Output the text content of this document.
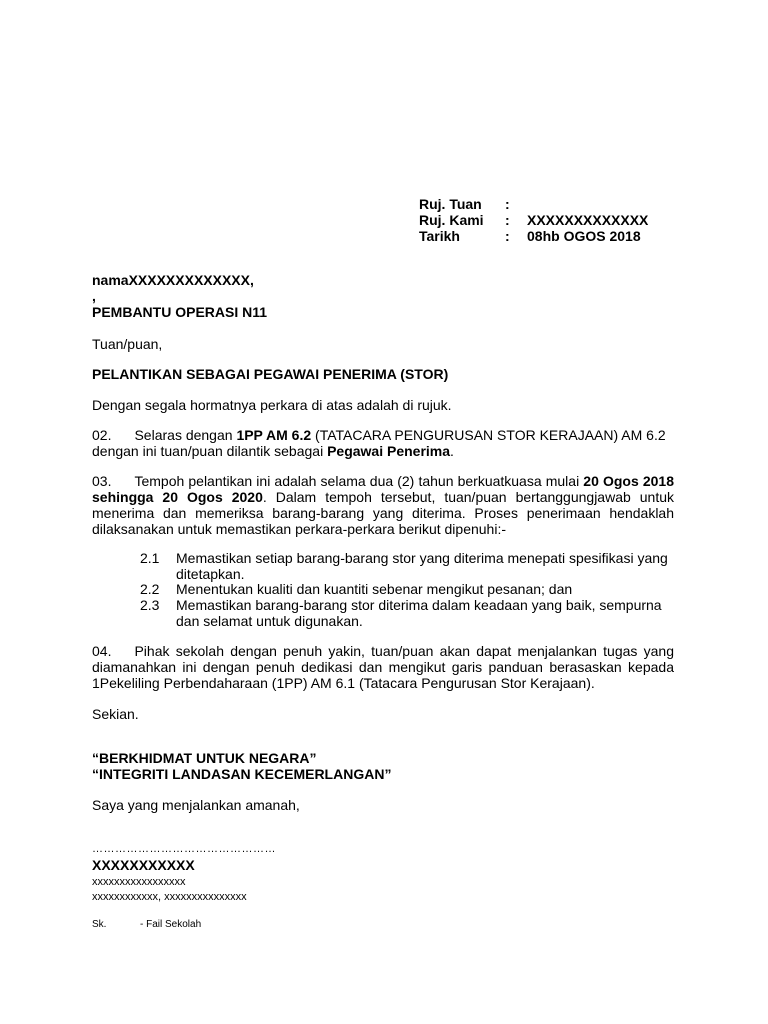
Ruj. Tuan :
Ruj. Kami : XXXXXXXXXXXXX
Tarikh	: 08hb OGOS 2018
namaXXXXXXXXXXXXX,
,
PEMBANTU OPERASI N11
Tuan/puan,
PELANTIKAN SEBAGAI PEGAWAI PENERIMA (STOR)
Dengan segala hormatnya perkara di atas adalah di rujuk.
02. Selaras dengan 1PP AM 6.2 (TATACARA PENGURUSAN STOR KERAJAAN) AM 6.2
dengan ini tuan/puan dilantik sebagai Pegawai Penerima.
03. Tempoh pelantikan ini adalah selama dua (2) tahun berkuatkuasa mulai 20 Ogos 2018
sehingga 20 Ogos 2020. Dalam tempoh tersebut, tuan/puan bertanggungjawab untuk
menerima dan memeriksa barang-barang yang diterima. Proses penerimaan hendaklah
dilaksanakan untuk memastikan perkara-perkara berikut dipenuhi:-
2.1 Memastikan setiap barang-barang stor yang diterima menepati spesifikasi yang
ditetapkan.
2.2 Menentukan kualiti dan kuantiti sebenar mengikut pesanan; dan
2.3 Memastikan barang-barang stor diterima dalam keadaan yang baik, sempurna
dan selamat untuk digunakan.
04. Pihak sekolah dengan penuh yakin, tuan/puan akan dapat menjalankan tugas yang
diamanahkan ini dengan penuh dedikasi dan mengikut garis panduan berasaskan kepada
1Pekeliling Perbendaharaan (1PP) AM 6.1 (Tatacara Pengurusan Stor Kerajaan).
Sekian.
“BERKHIDMAT UNTUK NEGARA”
“INTEGRITI LANDASAN KECEMERLANGAN”
Saya yang menjalankan amanah,
…………………………………………
XXXXXXXXXXX
xxxxxxxxxxxxxxxxx
xxxxxxxxxxxx, xxxxxxxxxxxxxxx
Sk.	- Fail Sekolah
